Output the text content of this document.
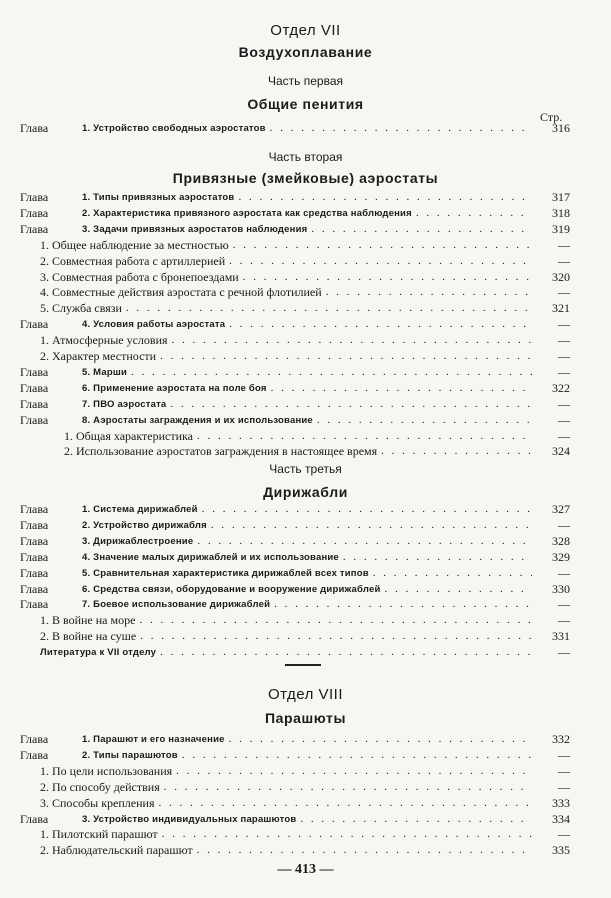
Отдел VII
Воздухоплавание
Часть первая
Общие пенития
Стр.
Глава	1. Устройство свободных аэростатов . . .	316
Часть вторая
Привязные (змейковые) аэростаты
Глава	1. Типы привязных аэростатов . . .	317
Глава	2. Характеристика привязного аэростата как средства наблюдения . . .	318
Глава	3. Задачи привязных аэростатов наблюдения . . .	319
1. Общее наблюдение за местностью . . .	—
2. Совместная работа с артиллерией . . .	—
3. Совместная работа с бронепоездами . . .	320
4. Совместные действия аэростата с речной флотилией . . .	—
5. Служба связи . . .	321
Глава	4. Условия работы аэростата . . .	—
1. Атмосферные условия . . .	—
2. Характер местности . . .	—
Глава	5. Марши . . .	—
Глава	6. Применение аэростата на поле боя . . .	322
Глава	7. ПВО аэростата . . .	—
Глава	8. Аэростаты заграждения и их использование . . .	—
1. Общая характеристика . . .	—
2. Использование аэростатов заграждения в настоящее время . . .	324
Часть третья
Дирижабли
Глава	1. Система дирижаблей . . .	327
Глава	2. Устройство дирижабля . . .	—
Глава	3. Дирижаблестроение . . .	328
Глава	4. Значение малых дирижаблей и их использование . . .	329
Глава	5. Сравнительная характеристика дирижаблей всех типов . . .	—
Глава	6. Средства связи, оборудование и вооружение дирижаблей . . .	330
Глава	7. Боевое использование дирижаблей . . .	—
1. В войне на море . . .	—
2. В войне на суше . . .	331
Литература к VII отделу . . .	—
Отдел VIII
Парашюты
Глава	1. Парашют и его назначение . . .	332
Глава	2. Типы парашютов . . .	—
1. По цели использования . . .	—
2. По способу действия . . .	—
3. Способы крепления . . .	333
Глава	3. Устройство индивидуальных парашютов . . .	334
1. Пилотский парашют . . .	—
2. Наблюдательский парашют . . .	335
— 413 —
